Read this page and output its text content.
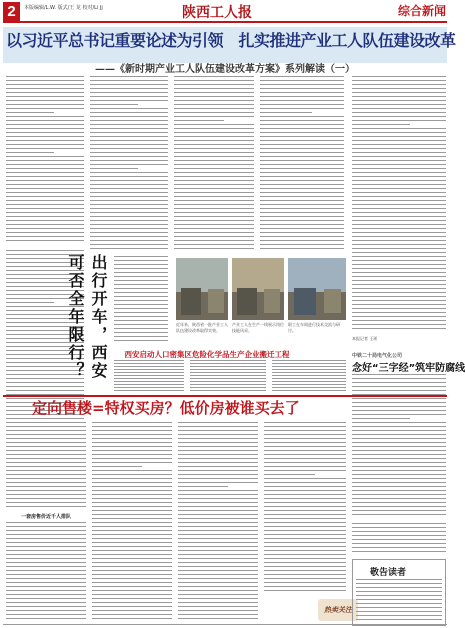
2	本版编辑/L.W. 版式/王 龙 校对/Li Jj	陕西工人报	综合新闻
以习近平总书记重要论述为引领　扎实推进产业工人队伍建设改革
——《新时期产业工人队伍建设改革方案》系列解读（一）
出行开车，西安可否全年限行？	近年来，陕西省一批产业工人队伍建设改革取得实效。
产业工人在生产一线展示岗位技能风采。
职工在车间进行技术交流与研讨。
本报记者 王瑶
中铁二十局电气化公司
念好“三字经”筑牢防腐线
西安启动人口密集区危险化学品生产企业搬迁工程
定向售楼=特权买房？低价房被谁买去了
一套房售价近千人排队
热卖关注
敬告读者
